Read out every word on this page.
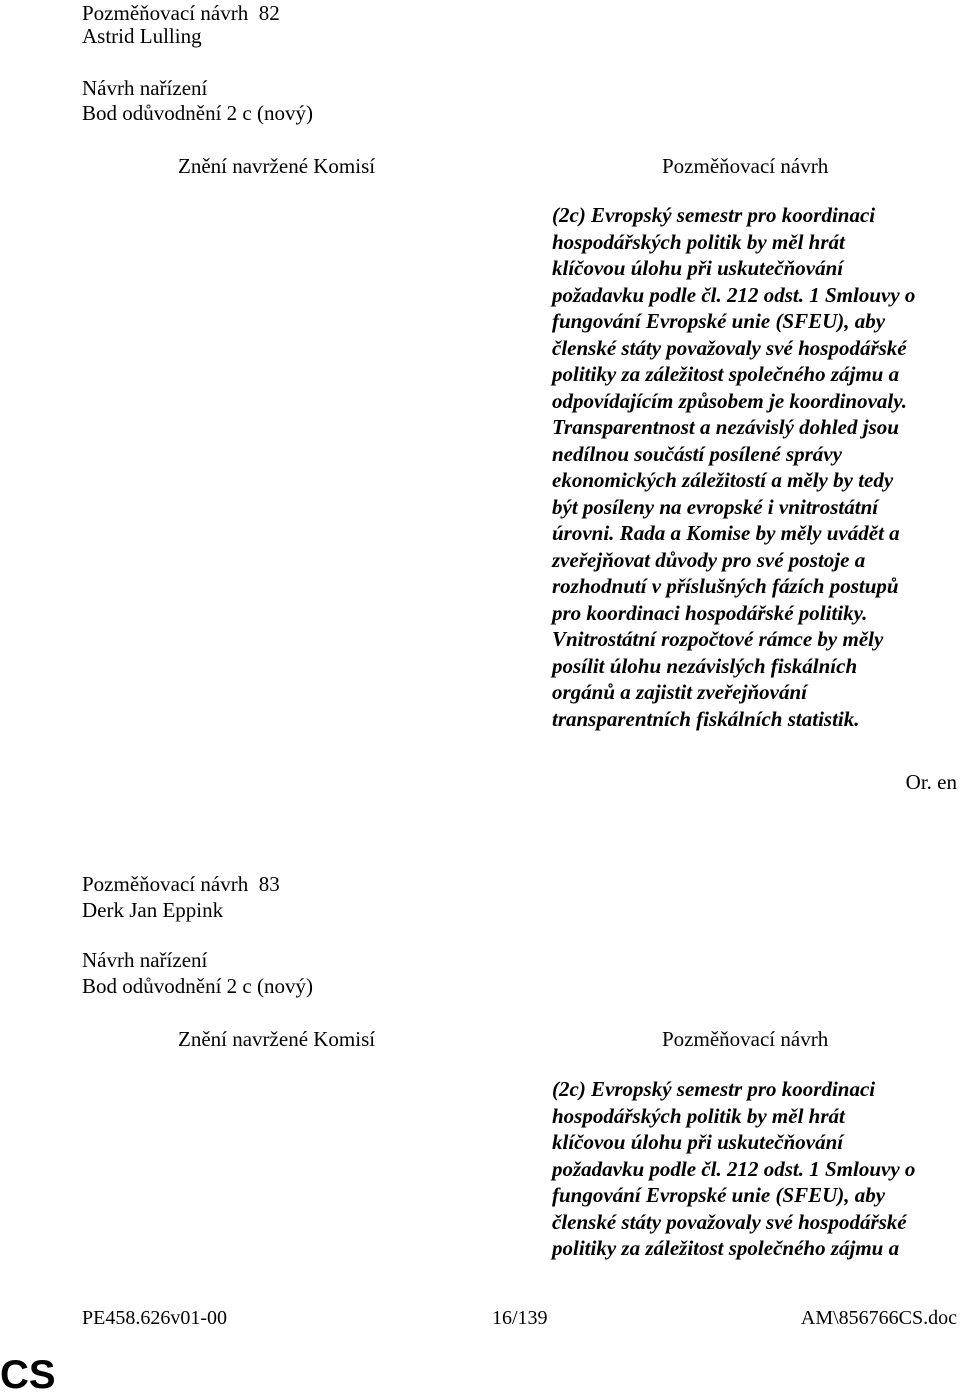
Pozměňovací návrh 82
Astrid Lulling
Návrh nařízení
Bod odůvodnění 2 c (nový)
Znění navržené Komisí	Pozměňovací návrh
(2c) Evropský semestr pro koordinaci
hospodářských politik by měl hrát
klíčovou úlohu při uskutečňování
požadavku podle čl. 212 odst. 1 Smlouvy o
fungování Evropské unie (SFEU), aby
členské státy považovaly své hospodářské
politiky za záležitost společného zájmu a
odpovídajícím způsobem je koordinovaly.
Transparentnost a nezávislý dohled jsou
nedílnou součástí posílené správy
ekonomických záležitostí a měly by tedy
být posíleny na evropské i vnitrostátní
úrovni. Rada a Komise by měly uvádět a
zveřejňovat důvody pro své postoje a
rozhodnutí v příslušných fázích postupů
pro koordinaci hospodářské politiky.
Vnitrostátní rozpočtové rámce by měly
posílit úlohu nezávislých fiskálních
orgánů a zajistit zveřejňování
transparentních fiskálních statistik.
Or. en
Pozměňovací návrh 83
Derk Jan Eppink
Návrh nařízení
Bod odůvodnění 2 c (nový)
Znění navržené Komisí	Pozměňovací návrh
(2c) Evropský semestr pro koordinaci
hospodářských politik by měl hrát
klíčovou úlohu při uskutečňování
požadavku podle čl. 212 odst. 1 Smlouvy o
fungování Evropské unie (SFEU), aby
členské státy považovaly své hospodářské
politiky za záležitost společného zájmu a
PE458.626v01-00	16/139	AM\856766CS.doc
CS
